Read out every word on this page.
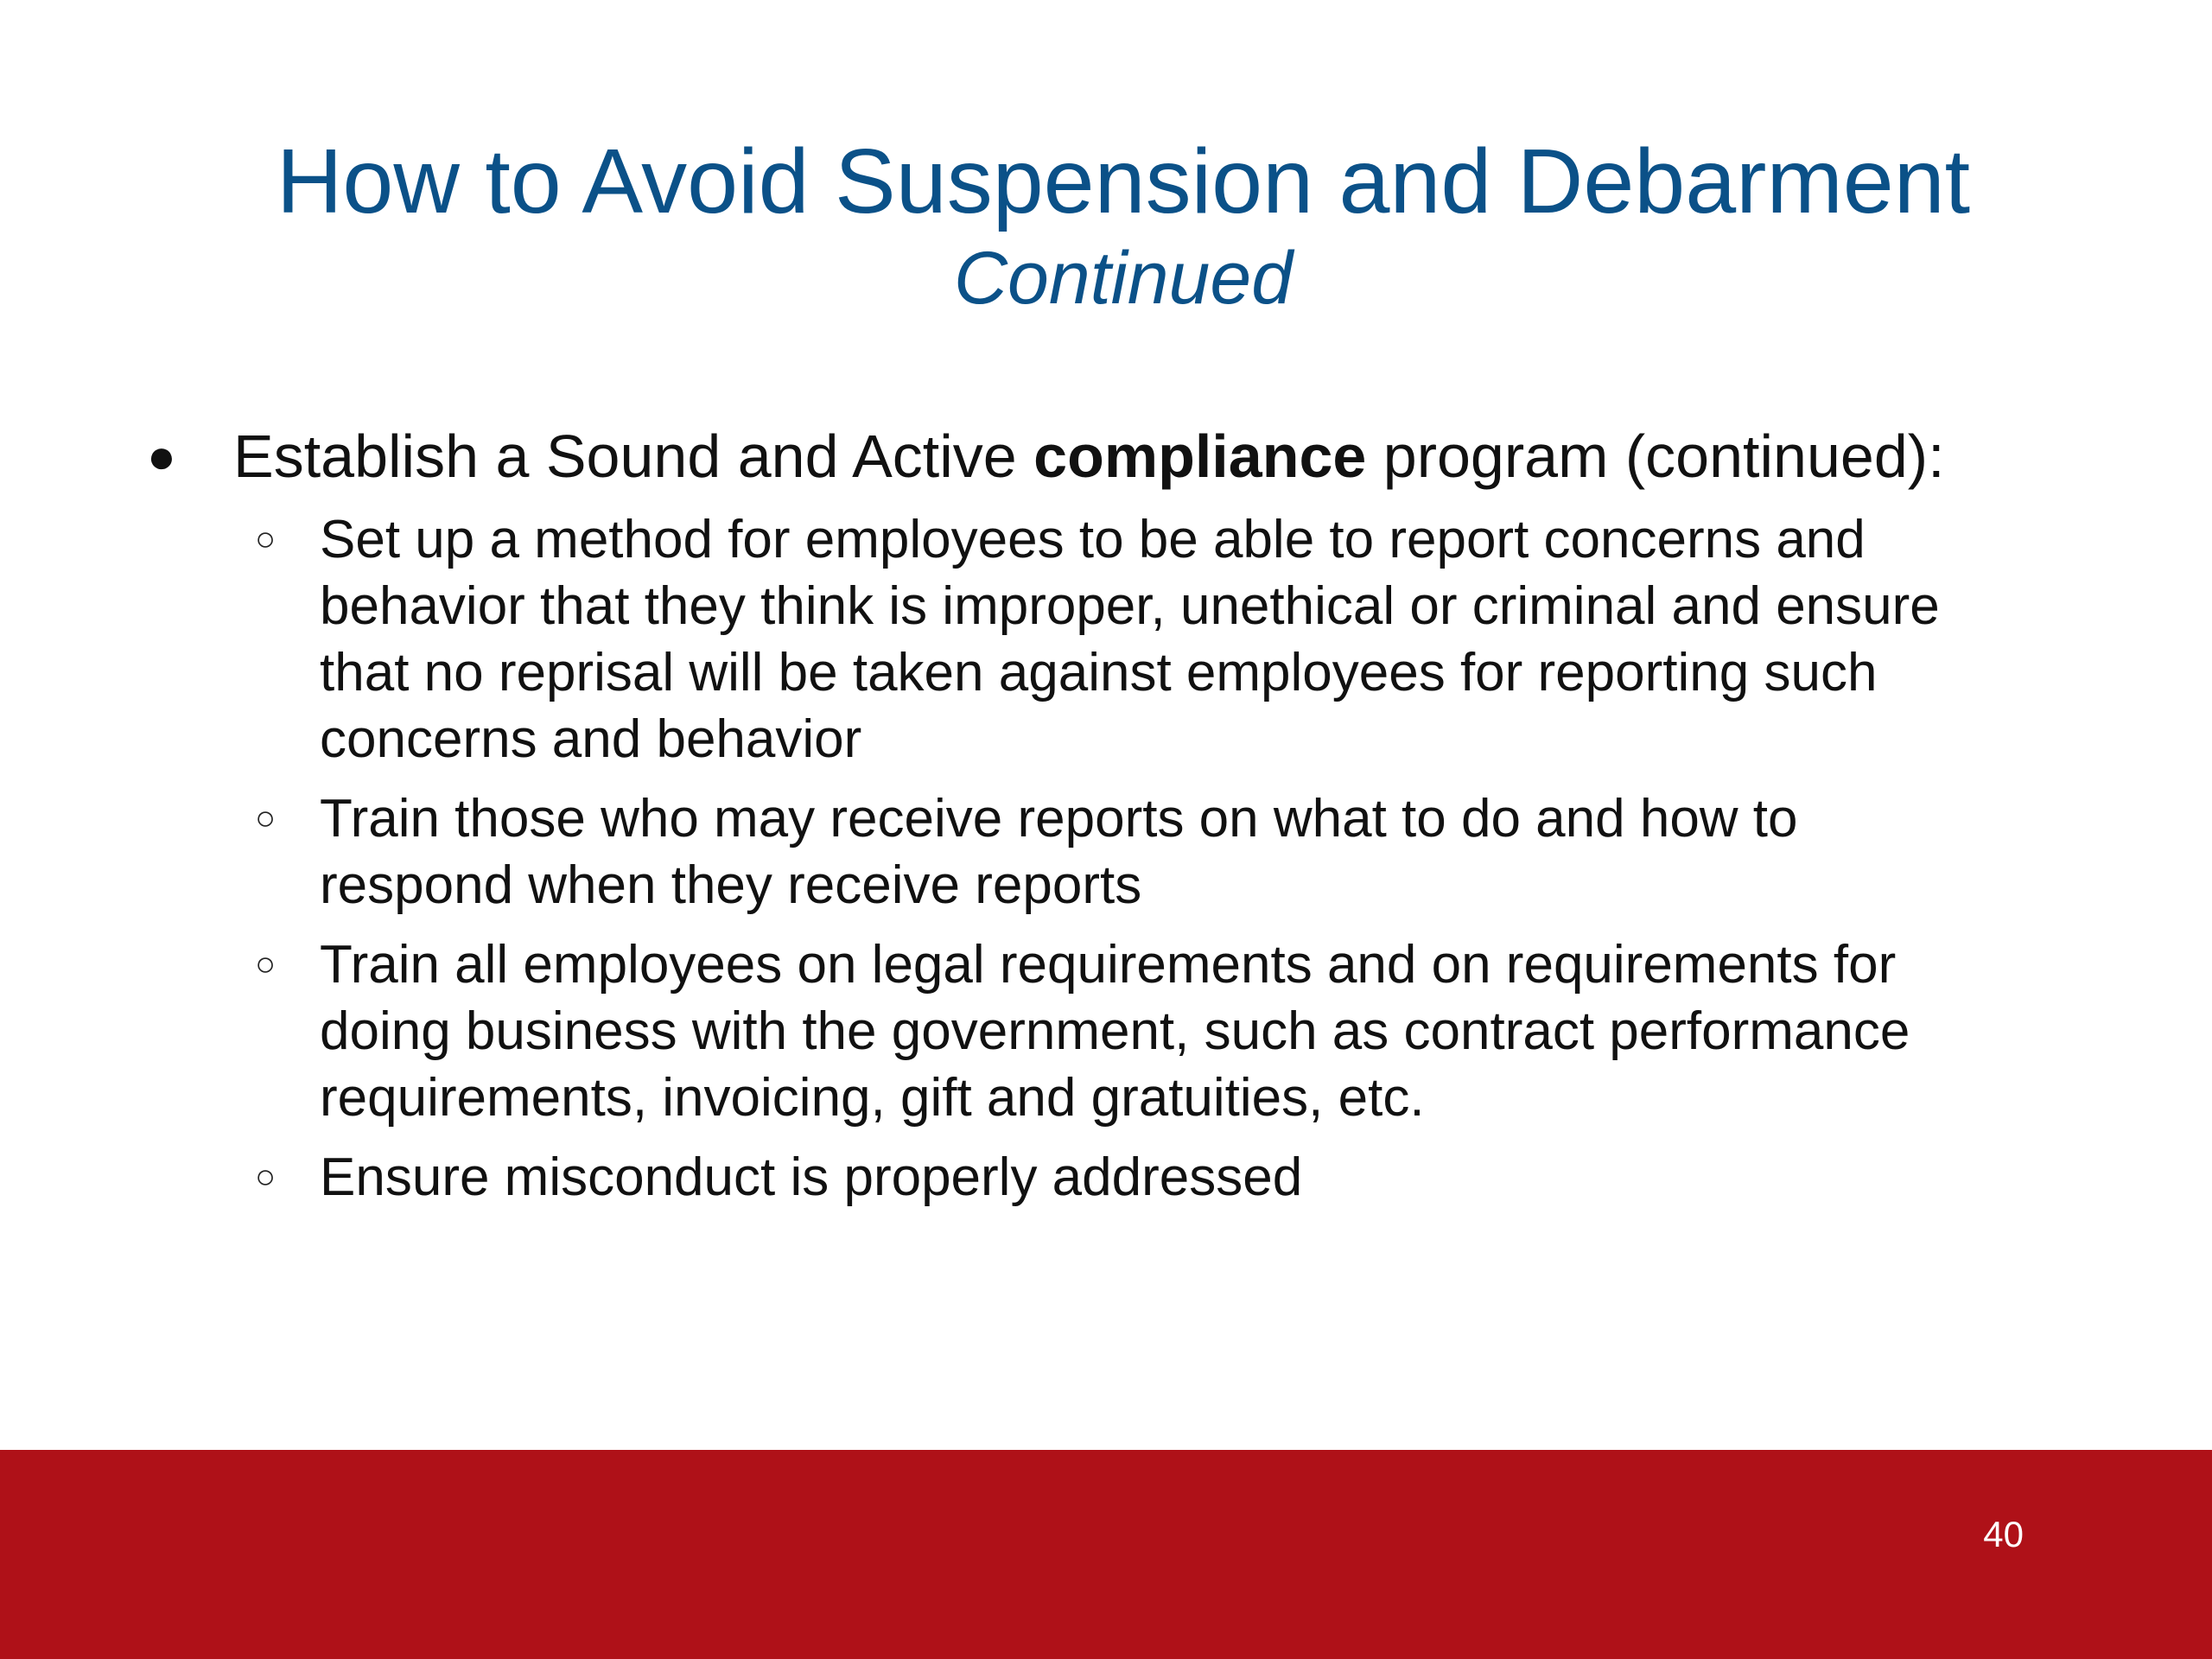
How to Avoid Suspension and Debarment
Continued
● Establish a Sound and Active compliance program (continued):
○ Set up a method for employees to be able to report concerns and behavior that they think is improper, unethical or criminal and ensure that no reprisal will be taken against employees for reporting such concerns and behavior
○ Train those who may receive reports on what to do and how to respond when they receive reports
○ Train all employees on legal requirements and on requirements for doing business with the government, such as contract performance requirements, invoicing, gift and gratuities, etc.
○ Ensure misconduct is properly addressed
40
